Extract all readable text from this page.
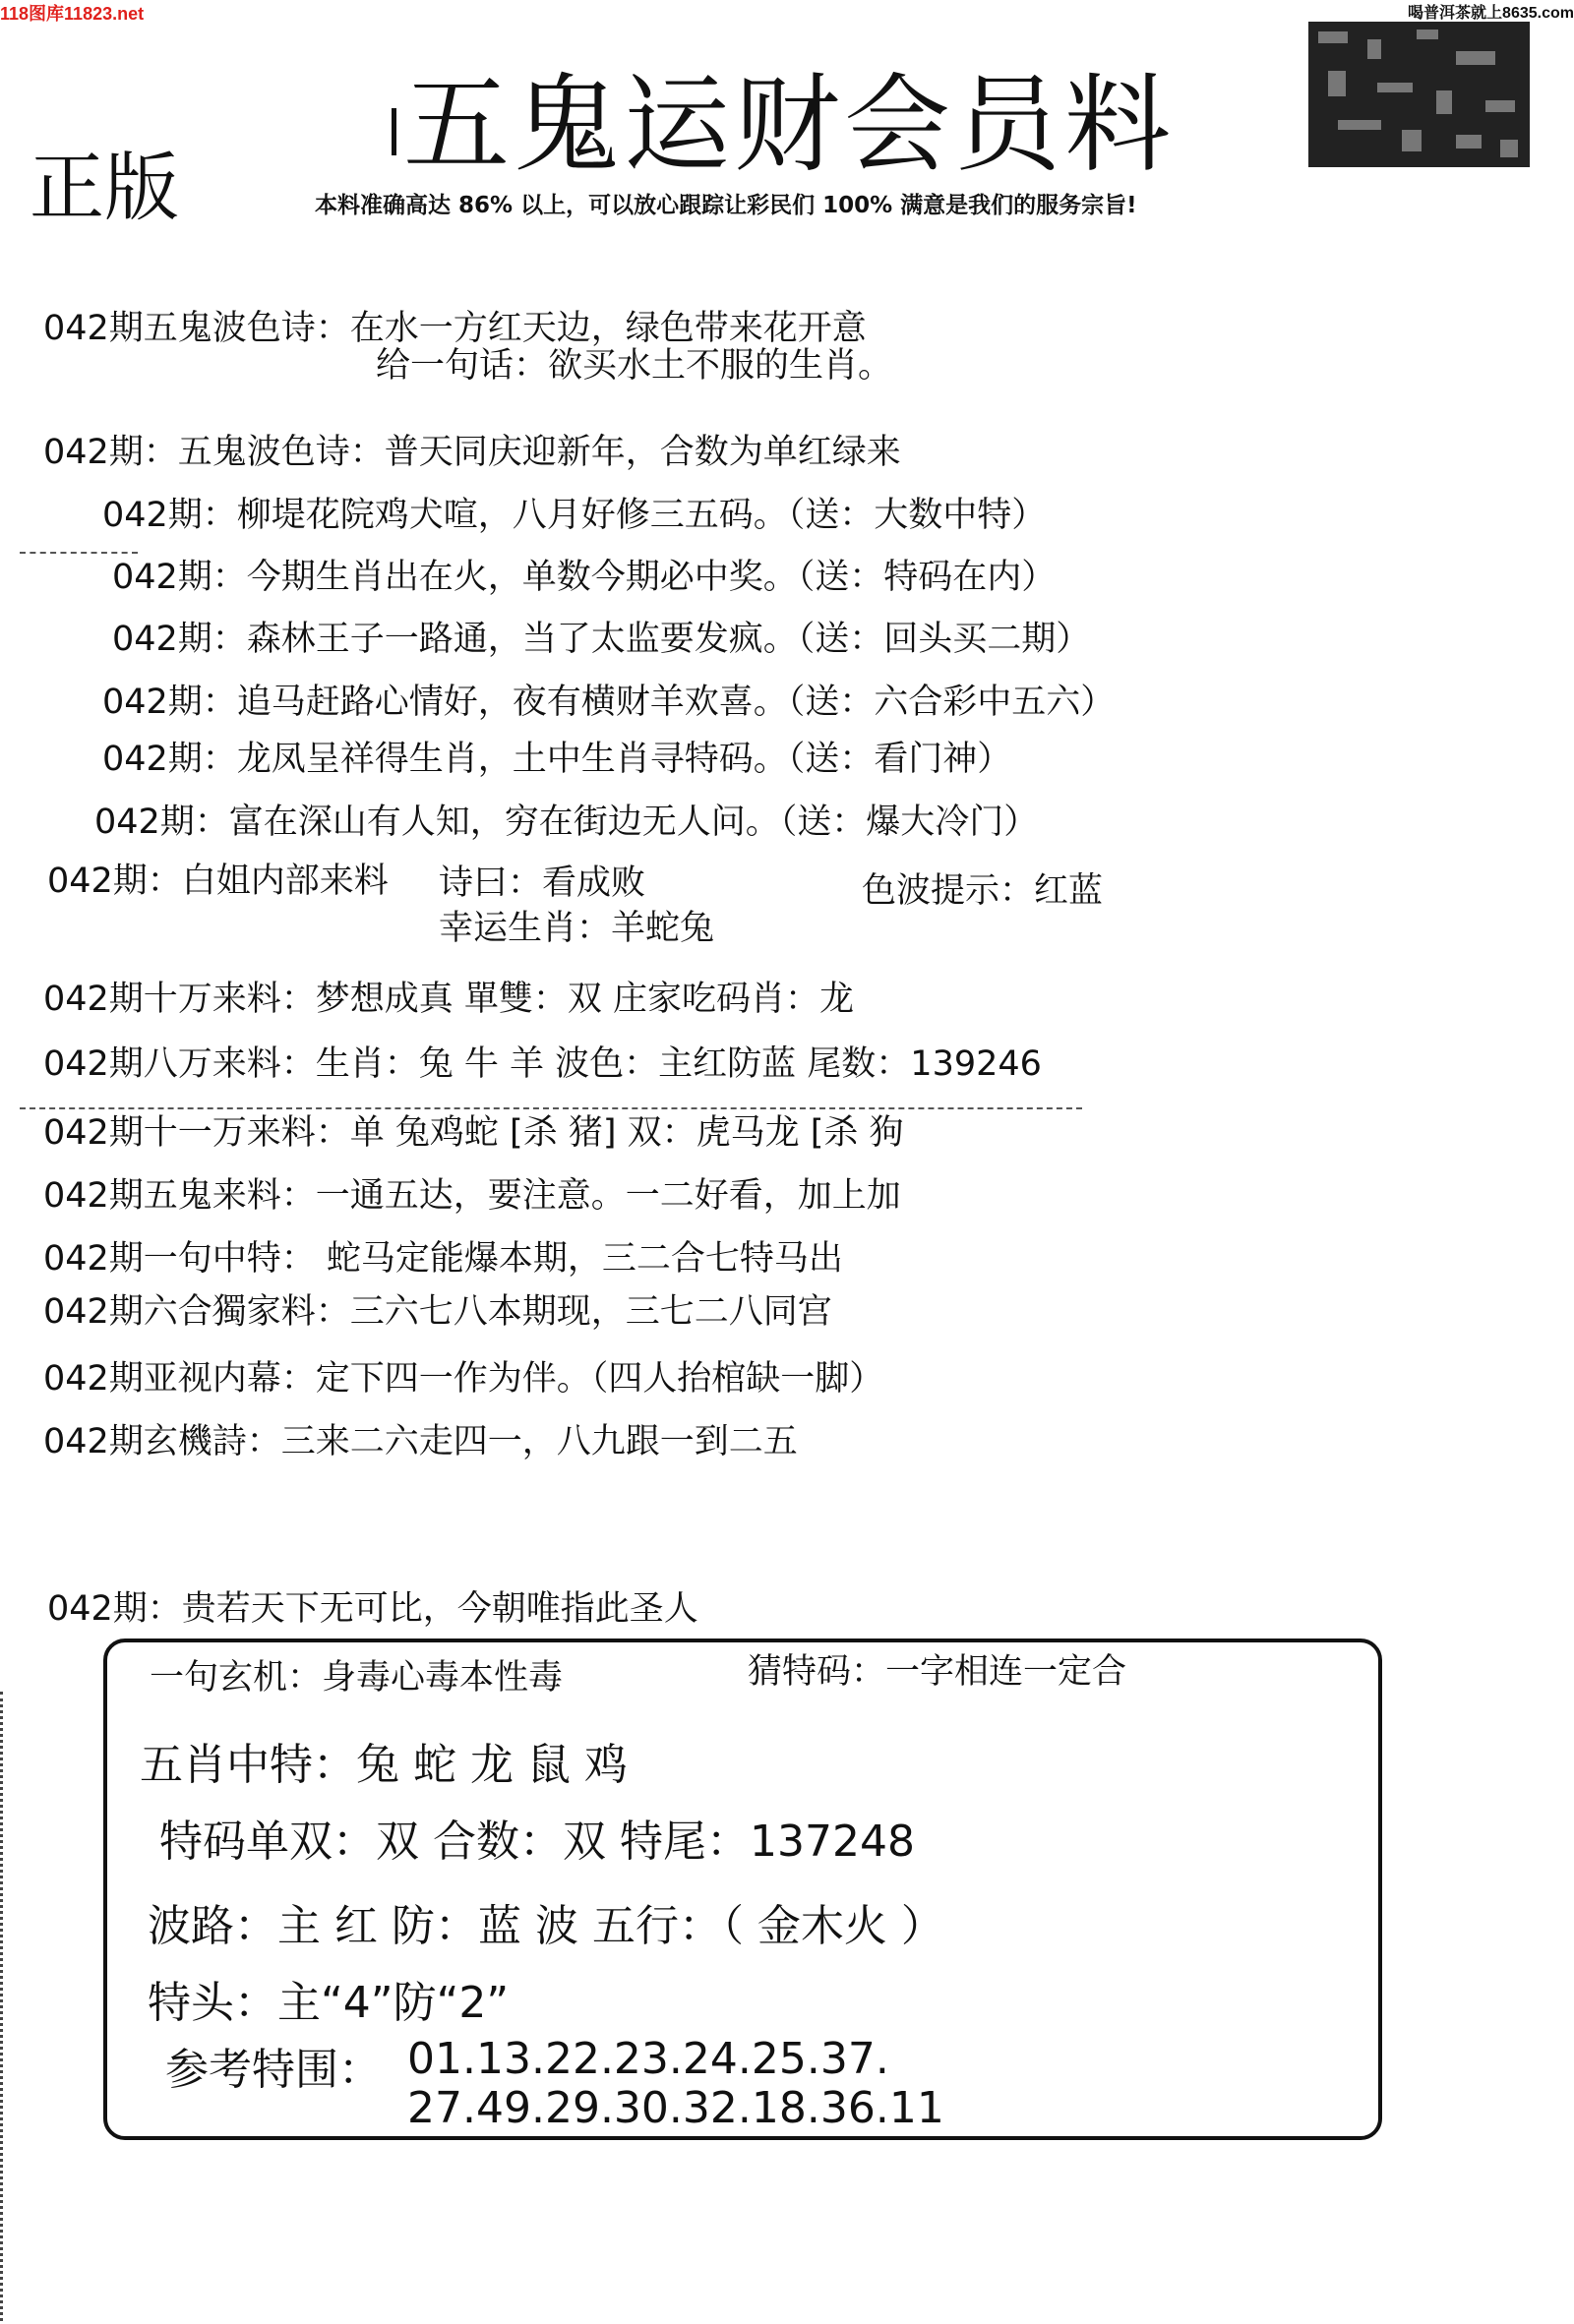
118图库11823.net	喝普洱茶就上8635.com
正版
五鬼运财会员料
本料准确高达 86% 以上，可以放心跟踪让彩民们 100% 满意是我们的服务宗旨!
042期五鬼波色诗：在水一方红天边，绿色带来花开意
给一句话：欲买水土不服的生肖。
042期：五鬼波色诗：普天同庆迎新年，合数为单红绿来
042期：柳堤花院鸡犬喧，八月好修三五码。（送：大数中特）
042期：今期生肖出在火，单数今期必中奖。（送：特码在内）
042期：森林王子一路通，当了太监要发疯。（送：回头买二期）
042期：追马赶路心情好，夜有横财羊欢喜。（送：六合彩中五六）
042期：龙凤呈祥得生肖，土中生肖寻特码。（送：看门神）
042期：富在深山有人知，穷在街边无人问。（送：爆大冷门）
042期：白姐内部来料 诗曰：看成败	色波提示：红蓝
幸运生肖：羊蛇兔
042期十万来料：梦想成真 單雙：双 庄家吃码肖：龙
042期八万来料：生肖：兔 牛 羊 波色：主红防蓝 尾数：139246
042期十一万来料：单 兔鸡蛇 [杀 猪] 双：虎马龙 [杀 狗
042期五鬼来料：一通五达，要注意。一二好看，加上加
042期一句中特： 蛇马定能爆本期，三二合七特马出
042期六合獨家料：三六七八本期现，三七二八同宫
042期亚视内幕：定下四一作为伴。（四人抬棺缺一脚）
042期玄機詩：三来二六走四一，八九跟一到二五
042期：贵若天下无可比，今朝唯指此圣人
一句玄机：身毒心毒本性毒	猜特码：一字相连一定合
五肖中特：兔 蛇 龙 鼠 鸡
特码单双：双 合数：双 特尾：137248
波路：主 红 防：蓝 波 五行：（ 金木火 ）
特头：主“4”防“2”
参考特围： 01.13.22.23.24.25.37.
27.49.29.30.32.18.36.11
